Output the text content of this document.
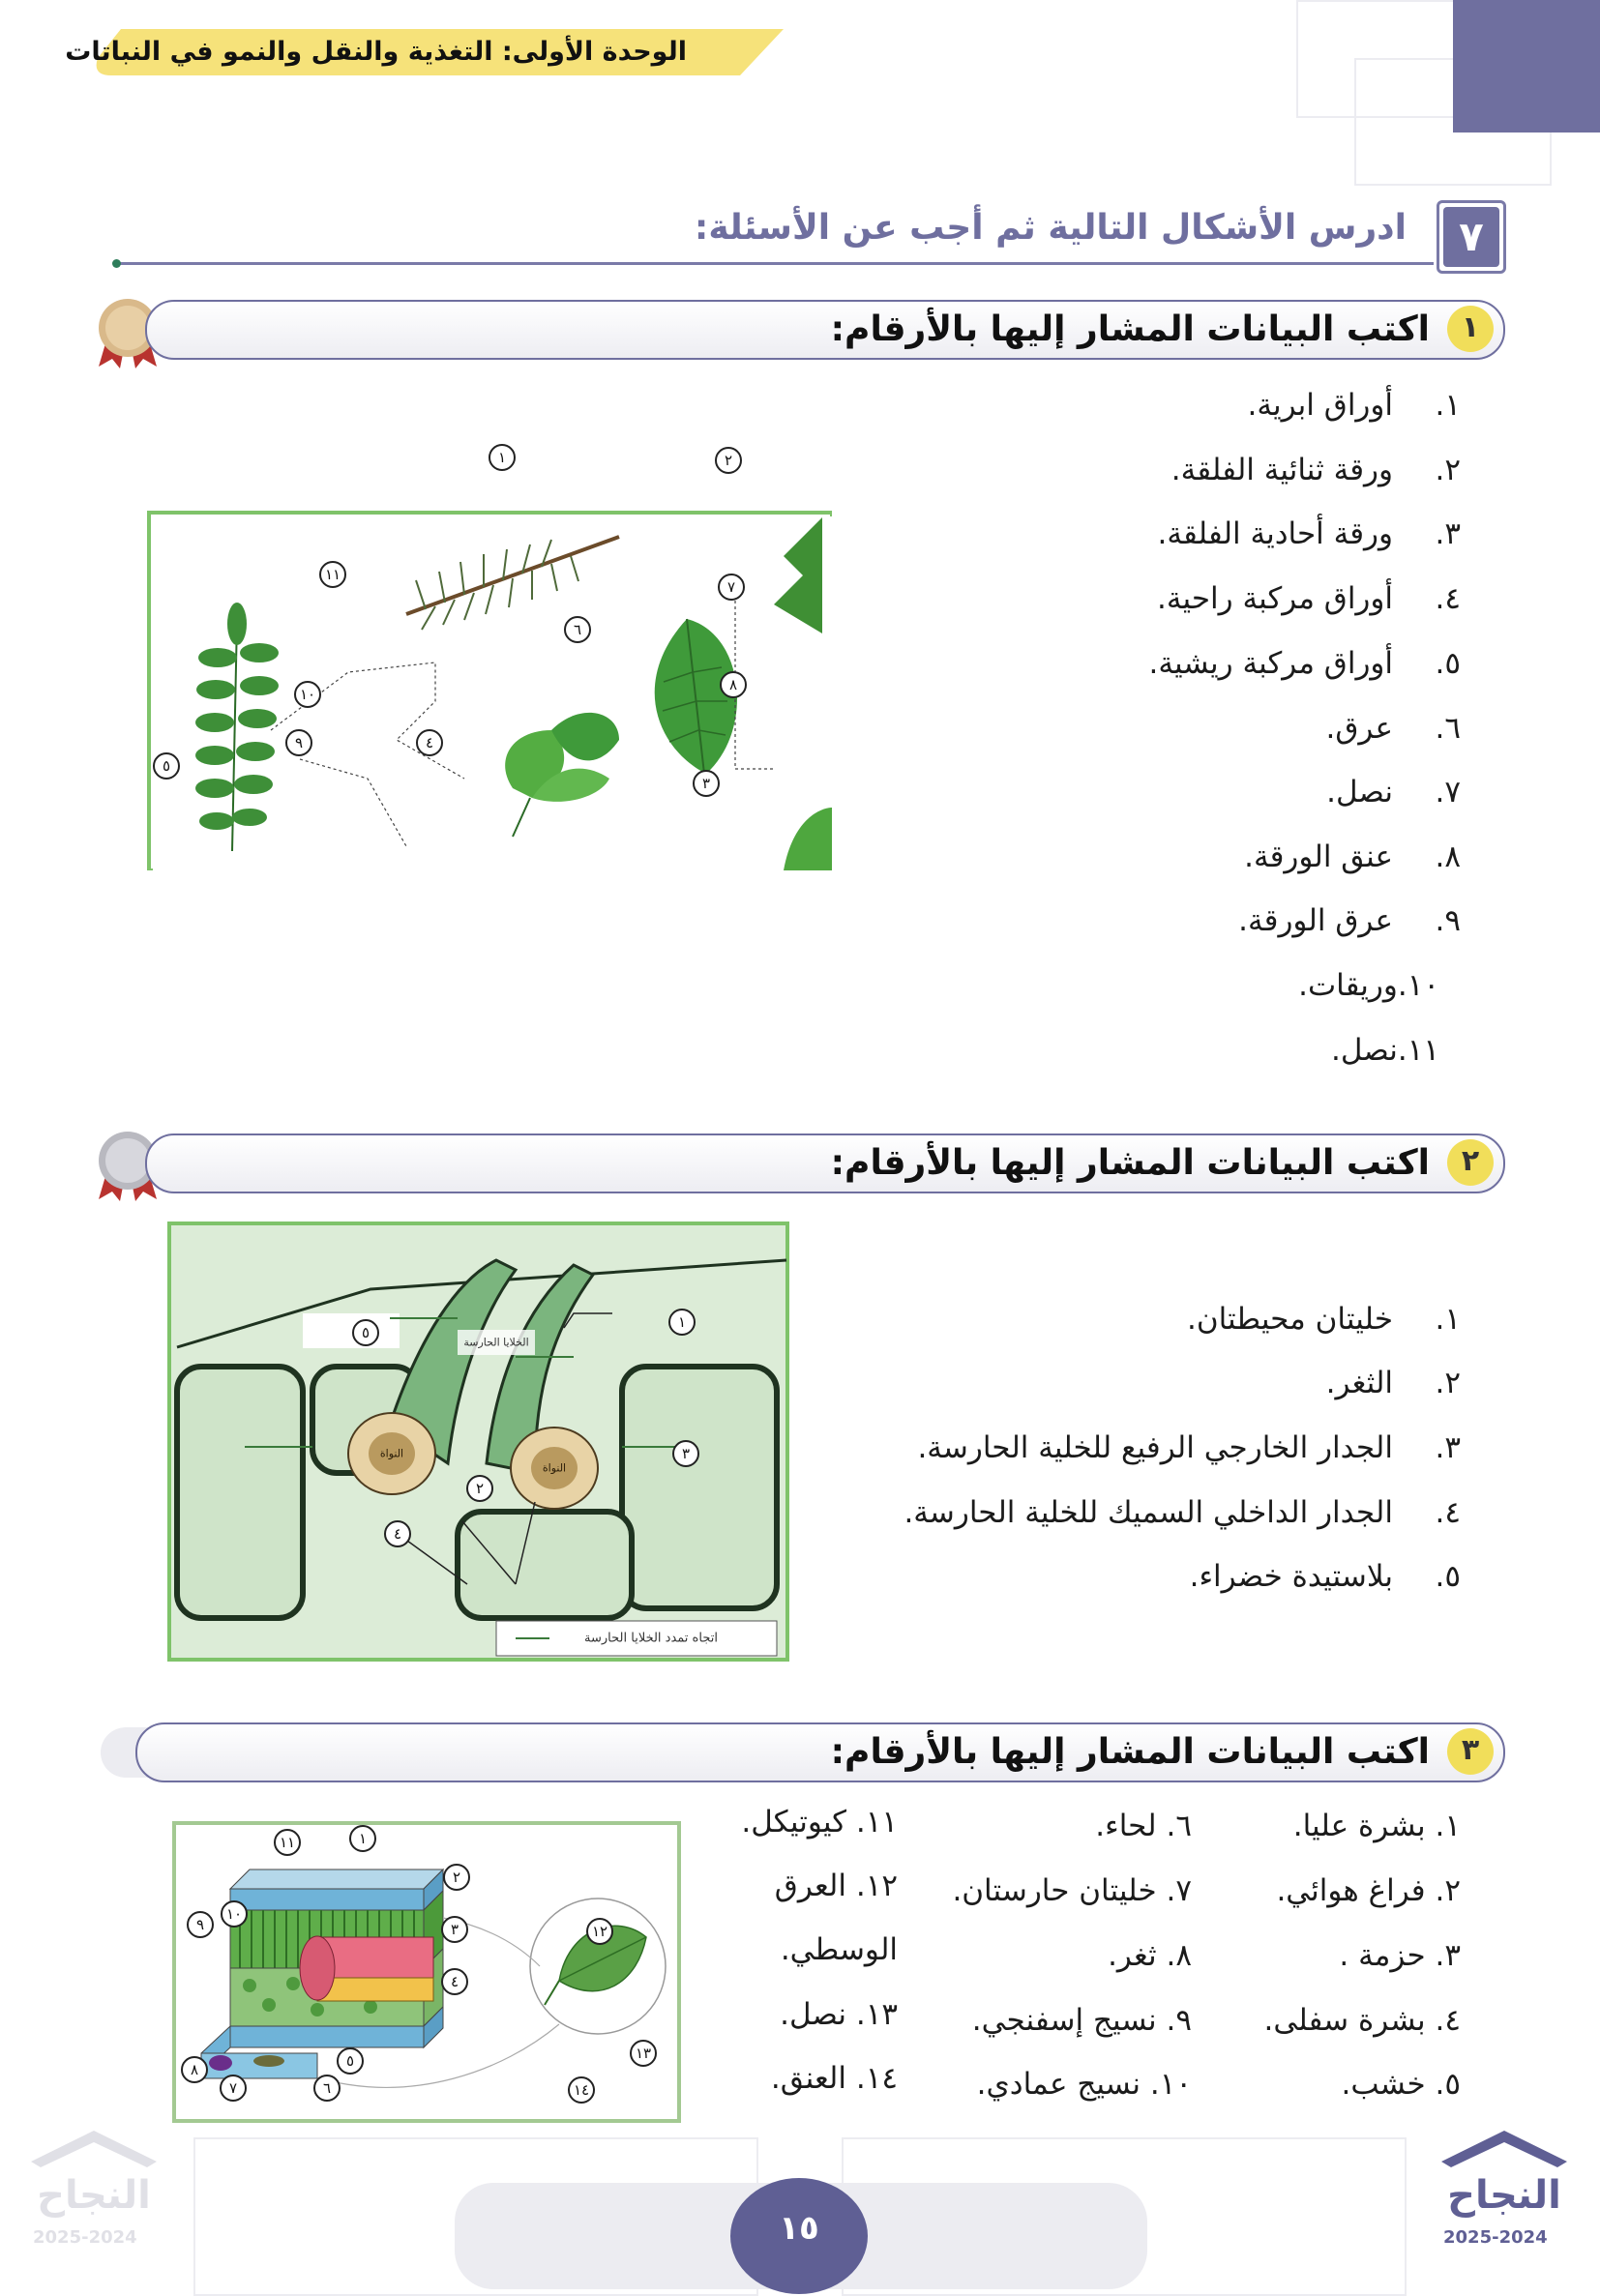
الوحدة الأولى: التغذية والنقل والنمو في النباتات
٧
ادرس الأشكال التالية ثم أجب عن الأسئلة:
١
اكتب البيانات المشار إليها بالأرقام:
١.أوراق ابرية.
٢.ورقة ثنائية الفلقة.
٣.ورقة أحادية الفلقة.
٤.أوراق مركبة راحية.
٥.أوراق مركبة ريشية.
٦.عرق.
٧.نصل.
٨.عنق الورقة.
٩.عرق الورقة.
١٠.وريقات.
١١.نصل.
١	٢
٣
٤
٥
٦
٧
٨
٩
١٠
١١
٢
اكتب البيانات المشار إليها بالأرقام:
١.خليتان محيطتان.
٢.الثغر.
٣.الجدار الخارجي الرفيع للخلية الحارسة.
٤.الجدار الداخلي السميك للخلية الحارسة.
٥.بلاستيدة خضراء.
النواة
النواة
الخلايا الحارسة
اتجاه تمدد الخلايا الحارسة
١
٢
٣
٤
٥
٣
اكتب البيانات المشار إليها بالأرقام:
١. بشرة عليا.
٢. فراغ هوائي.
٣. حزمة .
٤. بشرة سفلى.
٥. خشب.
٦. لحاء.
٧. خليتان حارستان.
٨. ثغر.
٩. نسيج إسفنجي.
١٠. نسيج عمادي.
١١. كيوتيكل.
١٢. العرق
الوسطي.
١٣. نصل.
١٤. العنق.
١
٢
٣
٤
٥
٦
٧
٨
٩
١٠
١١
١٢
١٣
١٤
١٥
النجاح
2025-2024
النجاح
2025-2024
